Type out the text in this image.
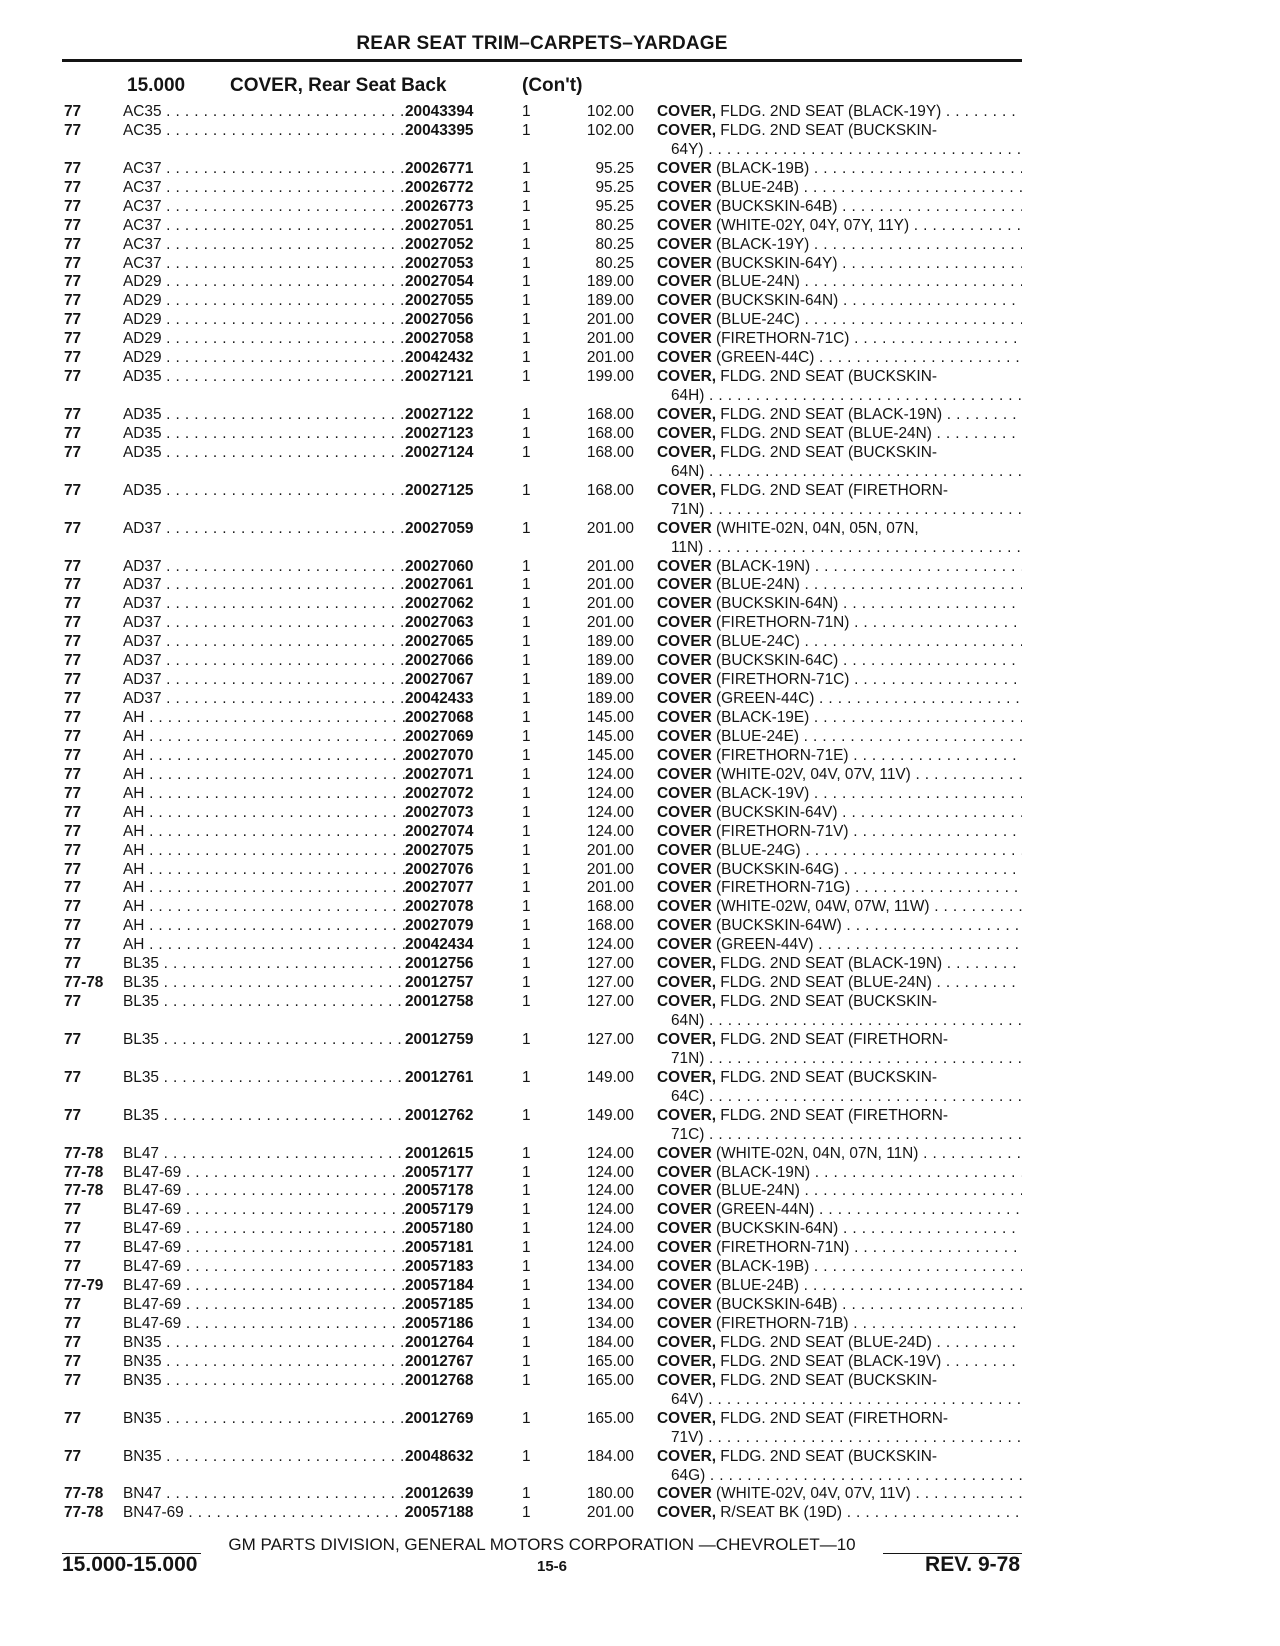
REAR SEAT TRIM–CARPETS–YARDAGE
15.000 COVER, Rear Seat Back	(Con't)
77	AC35 . . .	20043394	1	102.00 COVER, FLDG. 2ND SEAT (BLACK-19Y) . . .
77	AC35 . . .	20043395	1	102.00 COVER, FLDG. 2ND SEAT (BUCKSKIN-
64Y) . . .
77	AC37 . . .	20026771	1	95.25 COVER (BLACK-19B) . . .
77	AC37 . . .	20026772	1	95.25 COVER (BLUE-24B) . . .
77	AC37 . . .	20026773	1	95.25 COVER (BUCKSKIN-64B) . . .
77	AC37 . . .	20027051	1	80.25 COVER (WHITE-02Y, 04Y, 07Y, 11Y) . . .
77	AC37 . . .	20027052	1	80.25 COVER (BLACK-19Y) . . .
77	AC37 . . .	20027053	1	80.25 COVER (BUCKSKIN-64Y) . . .
77	AD29 . . .	20027054	1	189.00 COVER (BLUE-24N) . . .
77	AD29 . . .	20027055	1	189.00 COVER (BUCKSKIN-64N) . . .
77	AD29 . . .	20027056	1	201.00 COVER (BLUE-24C) . . .
77	AD29 . . .	20027058	1	201.00 COVER (FIRETHORN-71C) . . .
77	AD29 . . .	20042432	1	201.00 COVER (GREEN-44C) . . .
77	AD35 . . .	20027121	1	199.00 COVER, FLDG. 2ND SEAT (BUCKSKIN-
64H) . . .
77	AD35 . . .	20027122	1	168.00 COVER, FLDG. 2ND SEAT (BLACK-19N) . . .
77	AD35 . . .	20027123	1	168.00 COVER, FLDG. 2ND SEAT (BLUE-24N) . . .
77	AD35 . . .	20027124	1	168.00 COVER, FLDG. 2ND SEAT (BUCKSKIN-
64N) . . .
77	AD35 . . .	20027125	1	168.00 COVER, FLDG. 2ND SEAT (FIRETHORN-
71N) . . .
77	AD37 . . .	20027059	1	201.00 COVER (WHITE-02N, 04N, 05N, 07N,
11N) . . .
77	AD37 . . .	20027060	1	201.00 COVER (BLACK-19N) . . .
77	AD37 . . .	20027061	1	201.00 COVER (BLUE-24N) . . .
77	AD37 . . .	20027062	1	201.00 COVER (BUCKSKIN-64N) . . .
77	AD37 . . .	20027063	1	201.00 COVER (FIRETHORN-71N) . . .
77	AD37 . . .	20027065	1	189.00 COVER (BLUE-24C) . . .
77	AD37 . . .	20027066	1	189.00 COVER (BUCKSKIN-64C) . . .
77	AD37 . . .	20027067	1	189.00 COVER (FIRETHORN-71C) . . .
77	AD37 . . .	20042433	1	189.00 COVER (GREEN-44C) . . .
77	AH . . .	20027068	1	145.00 COVER (BLACK-19E) . . .
77	AH . . .	20027069	1	145.00 COVER (BLUE-24E) . . .
77	AH . . .	20027070	1	145.00 COVER (FIRETHORN-71E) . . .
77	AH . . .	20027071	1	124.00 COVER (WHITE-02V, 04V, 07V, 11V) . . .
77	AH . . .	20027072	1	124.00 COVER (BLACK-19V) . . .
77	AH . . .	20027073	1	124.00 COVER (BUCKSKIN-64V) . . .
77	AH . . .	20027074	1	124.00 COVER (FIRETHORN-71V) . . .
77	AH . . .	20027075	1	201.00 COVER (BLUE-24G) . . .
77	AH . . .	20027076	1	201.00 COVER (BUCKSKIN-64G) . . .
77	AH . . .	20027077	1	201.00 COVER (FIRETHORN-71G) . . .
77	AH . . .	20027078	1	168.00 COVER (WHITE-02W, 04W, 07W, 11W) . . .
77	AH . . .	20027079	1	168.00 COVER (BUCKSKIN-64W) . . .
77	AH . . .	20042434	1	124.00 COVER (GREEN-44V) . . .
77	BL35 . . .	20012756	1	127.00 COVER, FLDG. 2ND SEAT (BLACK-19N) . . .
77-78 BL35 . . .	20012757	1	127.00 COVER, FLDG. 2ND SEAT (BLUE-24N) . . .
77	BL35 . . .	20012758	1	127.00 COVER, FLDG. 2ND SEAT (BUCKSKIN-
64N) . . .
77	BL35 . . .	20012759	1	127.00 COVER, FLDG. 2ND SEAT (FIRETHORN-
71N) . . .
77	BL35 . . .	20012761	1	149.00 COVER, FLDG. 2ND SEAT (BUCKSKIN-
64C) . . .
77	BL35 . . .	20012762	1	149.00 COVER, FLDG. 2ND SEAT (FIRETHORN-
71C) . . .
77-78 BL47 . . .	20012615	1	124.00 COVER (WHITE-02N, 04N, 07N, 11N) . . .
77-78 BL47-69 . . .	20057177	1	124.00 COVER (BLACK-19N) . . .
77-78 BL47-69 . . .	20057178	1	124.00 COVER (BLUE-24N) . . .
77	BL47-69 . . .	20057179	1	124.00 COVER (GREEN-44N) . . .
77	BL47-69 . . .	20057180	1	124.00 COVER (BUCKSKIN-64N) . . .
77	BL47-69 . . .	20057181	1	124.00 COVER (FIRETHORN-71N) . . .
77	BL47-69 . . .	20057183	1	134.00 COVER (BLACK-19B) . . .
77-79 BL47-69 . . .	20057184	1	134.00 COVER (BLUE-24B) . . .
77	BL47-69 . . .	20057185	1	134.00 COVER (BUCKSKIN-64B) . . .
77	BL47-69 . . .	20057186	1	134.00 COVER (FIRETHORN-71B) . . .
77	BN35 . . .	20012764	1	184.00 COVER, FLDG. 2ND SEAT (BLUE-24D) . . .
77	BN35 . . .	20012767	1	165.00 COVER, FLDG. 2ND SEAT (BLACK-19V) . . .
77	BN35 . . .	20012768	1	165.00 COVER, FLDG. 2ND SEAT (BUCKSKIN-
64V) . . .
77	BN35 . . .	20012769	1	165.00 COVER, FLDG. 2ND SEAT (FIRETHORN-
71V) . . .
77	BN35 . . .	20048632	1	184.00 COVER, FLDG. 2ND SEAT (BUCKSKIN-
64G) . . .
77-78 BN47 . . .	20012639	1	180.00 COVER (WHITE-02V, 04V, 07V, 11V) . . .
77-78 BN47-69 . . .	20057188	1	201.00 COVER, R/SEAT BK (19D) . . .
GM PARTS DIVISION, GENERAL MOTORS CORPORATION —CHEVROLET—10
15.000-15.000	15-6	REV. 9-78
